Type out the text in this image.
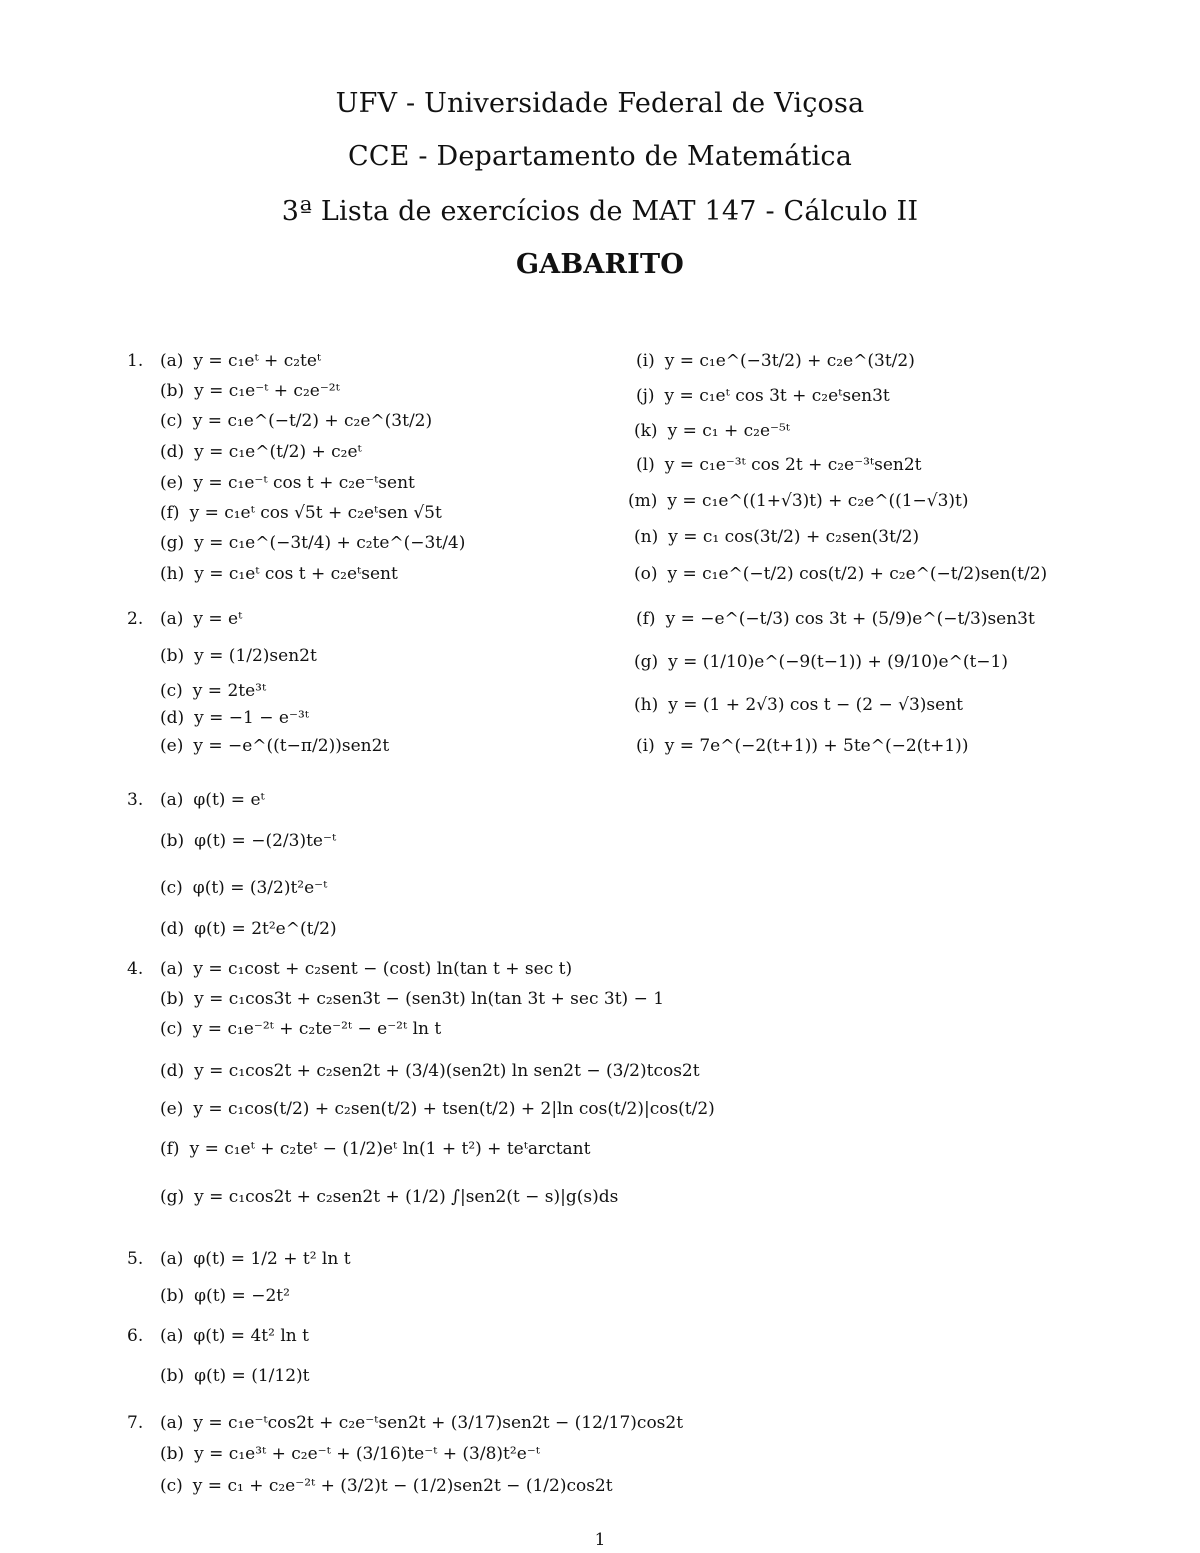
UFV - Universidade Federal de Viçosa
CCE - Departamento de Matemática
3ª Lista de exercícios de MAT 147 - Cálculo II
GABARITO
1. (a) y = c₁eᵗ + c₂teᵗ
(b) y = c₁e⁻ᵗ + c₂e⁻²ᵗ
(c) y = c₁e^(−t/2) + c₂e^(3t/2)
(d) y = c₁e^(t/2) + c₂eᵗ
(e) y = c₁e⁻ᵗ cos t + c₂e⁻ᵗsent
(f) y = c₁eᵗ cos √5t + c₂eᵗsen √5t
(g) y = c₁e^(−3t/4) + c₂te^(−3t/4)
(h) y = c₁eᵗ cos t + c₂eᵗsent
(i) y = c₁e^(−3t/2) + c₂e^(3t/2)
(j) y = c₁eᵗ cos 3t + c₂eᵗsen3t
(k) y = c₁ + c₂e⁻⁵ᵗ
(l) y = c₁e⁻³ᵗ cos 2t + c₂e⁻³ᵗsen2t
(m) y = c₁e^((1+√3)t) + c₂e^((1−√3)t)
(n) y = c₁ cos(3t/2) + c₂sen(3t/2)
(o) y = c₁e^(−t/2) cos(t/2) + c₂e^(−t/2)sen(t/2)
2. (a) y = eᵗ
(b) y = (1/2)sen2t
(c) y = 2te³ᵗ
(d) y = −1 − e⁻³ᵗ
(e) y = −e^((t−π/2))sen2t
(f) y = −e^(−t/3) cos 3t + (5/9)e^(−t/3)sen3t
(g) y = (1/10)e^(−9(t−1)) + (9/10)e^(t−1)
(h) y = (1 + 2√3) cos t − (2 − √3)sent
(i) y = 7e^(−2(t+1)) + 5te^(−2(t+1))
3. (a) φ(t) = eᵗ
(b) φ(t) = −(2/3)te⁻ᵗ
(c) φ(t) = (3/2)t²e⁻ᵗ
(d) φ(t) = 2t²e^(t/2)
4. (a) y = c₁cost + c₂sent − (cost) ln(tan t + sec t)
(b) y = c₁cos3t + c₂sen3t − (sen3t) ln(tan 3t + sec 3t) − 1
(c) y = c₁e⁻²ᵗ + c₂te⁻²ᵗ − e⁻²ᵗ ln t
(d) y = c₁cos2t + c₂sen2t + (3/4)(sen2t) ln sen2t − (3/2)tcos2t
(e) y = c₁cos(t/2) + c₂sen(t/2) + tsen(t/2) + 2|ln cos(t/2)|cos(t/2)
(f) y = c₁eᵗ + c₂teᵗ − (1/2)eᵗ ln(1 + t²) + teᵗarctant
(g) y = c₁cos2t + c₂sen2t + (1/2) ∫|sen2(t − s)|g(s)ds
5. (a) φ(t) = 1/2 + t² ln t
(b) φ(t) = −2t²
6. (a) φ(t) = 4t² ln t
(b) φ(t) = (1/12)t
7. (a) y = c₁e⁻ᵗcos2t + c₂e⁻ᵗsen2t + (3/17)sen2t − (12/17)cos2t
(b) y = c₁e³ᵗ + c₂e⁻ᵗ + (3/16)te⁻ᵗ + (3/8)t²e⁻ᵗ
(c) y = c₁ + c₂e⁻²ᵗ + (3/2)t − (1/2)sen2t − (1/2)cos2t
1
